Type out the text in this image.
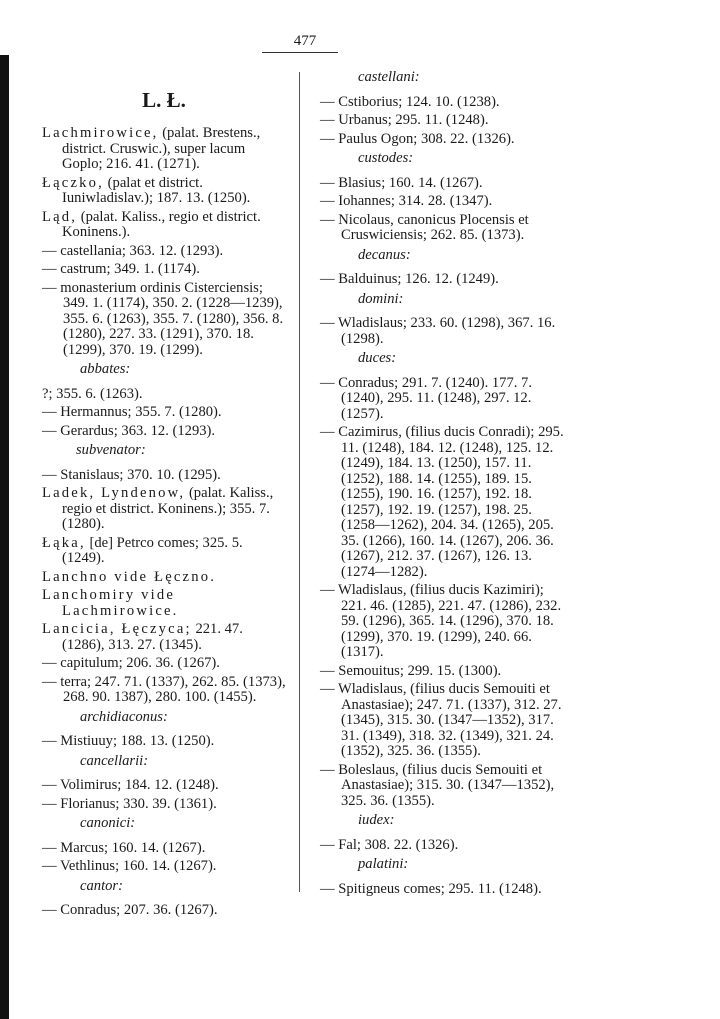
477
L. Ł.
Lachmirowice, (palat. Brestens., district. Cruswic.), super lacum Goplo; 216. 41. (1271).
Łączko, (palat et district. Iuniwladislav.); 187. 13. (1250).
Ląd, (palat. Kaliss., regio et district. Koninens.).
— castellania; 363. 12. (1293).
— castrum; 349. 1. (1174).
— monasterium ordinis Cisterciensis; 349. 1. (1174), 350. 2. (1228—1239), 355. 6. (1263), 355. 7. (1280), 356. 8. (1280), 227. 33. (1291), 370. 18. (1299), 370. 19. (1299).
abbates:
?; 355. 6. (1263).
— Hermannus; 355. 7. (1280).
— Gerardus; 363. 12. (1293).
subvenator:
— Stanislaus; 370. 10. (1295).
Ladek, Lyndenow, (palat. Kaliss., regio et district. Koninens.); 355. 7. (1280).
Łąka, [de] Petrco comes; 325. 5. (1249).
Lanchno vide Łęczno.
Lanchomiry vide Lachmirowice.
Lancicia, Łęczyca; 221. 47. (1286), 313. 27. (1345).
— capitulum; 206. 36. (1267).
— terra; 247. 71. (1337), 262. 85. (1373), 268. 90. 1387), 280. 100. (1455).
archidiaconus:
— Mistiuuy; 188. 13. (1250).
cancellarii:
— Volimirus; 184. 12. (1248).
— Florianus; 330. 39. (1361).
canonici:
— Marcus; 160. 14. (1267).
— Vethlinus; 160. 14. (1267).
cantor:
— Conradus; 207. 36. (1267).
castellani:
— Cstiborius; 124. 10. (1238).
— Urbanus; 295. 11. (1248).
— Paulus Ogon; 308. 22. (1326).
custodes:
— Blasius; 160. 14. (1267).
— Iohannes; 314. 28. (1347).
— Nicolaus, canonicus Plocensis et Cruswiciensis; 262. 85. (1373).
decanus:
— Balduinus; 126. 12. (1249).
domini:
— Wladislaus; 233. 60. (1298), 367. 16. (1298).
duces:
— Conradus; 291. 7. (1240). 177. 7. (1240), 295. 11. (1248), 297. 12. (1257).
— Cazimirus, (filius ducis Conradi); 295. 11. (1248), 184. 12. (1248), 125. 12. (1249), 184. 13. (1250), 157. 11. (1252), 188. 14. (1255), 189. 15. (1255), 190. 16. (1257), 192. 18. (1257), 192. 19. (1257), 198. 25. (1258—1262), 204. 34. (1265), 205. 35. (1266), 160. 14. (1267), 206. 36. (1267), 212. 37. (1267), 126. 13. (1274—1282).
— Wladislaus, (filius ducis Kazimiri); 221. 46. (1285), 221. 47. (1286), 232. 59. (1296), 365. 14. (1296), 370. 18. (1299), 370. 19. (1299), 240. 66. (1317).
— Semouitus; 299. 15. (1300).
— Wladislaus, (filius ducis Semouiti et Anastasiae); 247. 71. (1337), 312. 27. (1345), 315. 30. (1347—1352), 317. 31. (1349), 318. 32. (1349), 321. 24. (1352), 325. 36. (1355).
— Boleslaus, (filius ducis Semouiti et Anastasiae); 315. 30. (1347—1352), 325. 36. (1355).
iudex:
— Fal; 308. 22. (1326).
palatini:
— Spitigneus comes; 295. 11. (1248).
